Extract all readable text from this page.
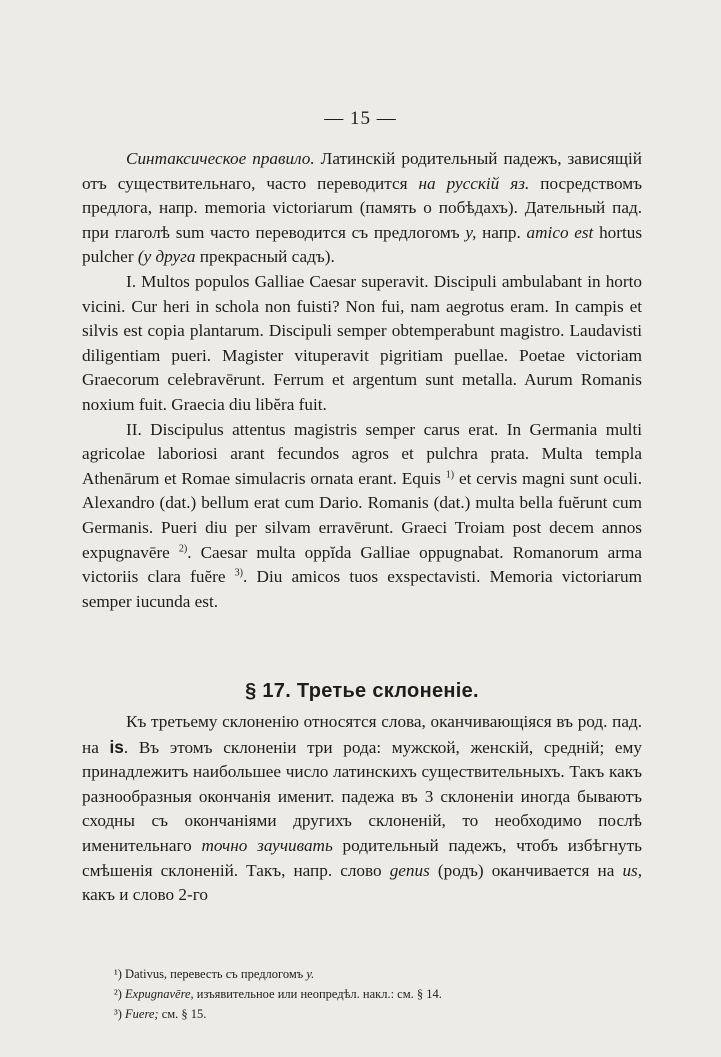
— 15 —

Синтаксическое правило. Латинскій родительный падежъ, зависящій отъ существительнаго, часто переводится на русскій яз. посредствомъ предлога, напр. memoria victoriarum (память о побѣдахъ). Дательный пад. при глаголѣ sum часто переводится съ предлогомъ у, напр. amico est hortus pulcher (у друга прекрасный садъ).

I. Multos populos Galliae Caesar superavit. Discipuli ambulabant in horto vicini. Cur heri in schola non fuisti? Non fui, nam aegrotus eram. In campis et silvis est copia plantarum. Discipuli semper obtemperabunt magistro. Laudavisti diligentiam pueri. Magister vituperavit pigritiam puellae. Poetae victoriam Graecorum celebravērunt. Ferrum et argentum sunt metalla. Aurum Romanis noxium fuit. Graecia diu libĕra fuit.

II. Discipulus attentus magistris semper carus erat. In Germania multi agricolae laboriosi arant fecundos agros et pulchra prata. Multa templa Athenārum et Romae simulacris ornata erant. Equis $^{1)}$ et cervis magni sunt oculi. Alexandro (dat.) bellum erat cum Dario. Romanis (dat.) multa bella fuĕrunt cum Germanis. Pueri diu per silvam erravērunt. Graeci Troiam post decem annos expugnavēre $^{2)}$. Caesar multa oppĭda Galliae oppugnabat. Romanorum arma victoriis clara fuĕre $^{3)}$. Diu amicos tuos exspectavisti. Memoria victoriarum semper iucunda est.

§ 17. Третье склоненіе.

Къ третьему склоненію относятся слова, оканчивающіяся въ род. пад. на is. Въ этомъ склоненіи три рода: мужской, женскій, средній; ему принадлежитъ наибольшее число латинскихъ существительныхъ. Такъ какъ разнообразныя окончанія именит. падежа въ 3 склоненіи иногда бываютъ сходны съ окончаніями другихъ склоненій, то необходимо послѣ именительнаго точно заучивать родительный падежъ, чтобъ избѣгнуть смѣшенія склоненій. Такъ, напр. слово genus (родъ) оканчивается на us, какъ и слово 2-го

¹) Dativus, перевесть съ предлогомъ у.
²) Expugnavēre, изъявительное или неопредѣл. накл.: см. § 14.
³) Fuere; см. § 15.
